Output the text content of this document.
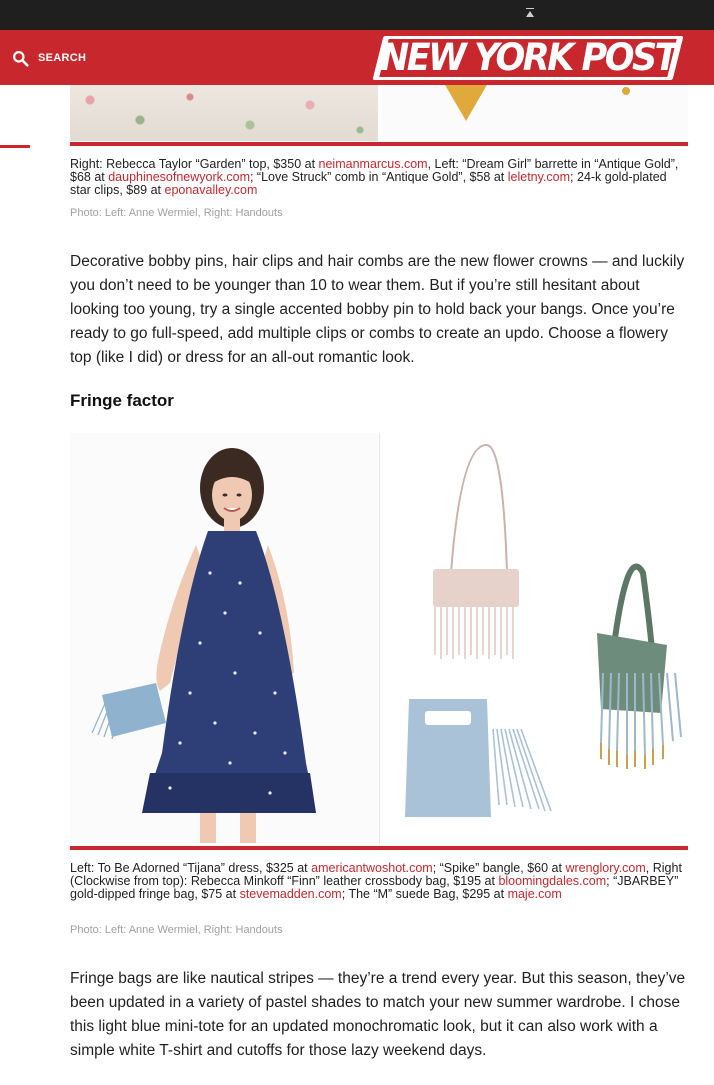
SEARCH	NEW YORK POST
Right: Rebecca Taylor “Garden” top, $350 at neimanmarcus.com, Left: “Dream Girl” barrette in “Antique Gold”, $68 at dauphinesofnewyork.com; “Love Struck” comb in “Antique Gold”, $58 at leletny.com; 24-k gold-plated star clips, $89 at eponavalley.com
Photo: Left: Anne Wermiel, Right: Handouts
Decorative bobby pins, hair clips and hair combs are the new flower crowns — and luckily you don’t need to be younger than 10 to wear them. But if you’re still hesitant about looking too young, try a single accented bobby pin to hold back your bangs. Once you’re ready to go full-speed, add multiple clips or combs to create an updo. Choose a flowery top (like I did) or dress for an all-out romantic look.
Fringe factor
Left: To Be Adorned “Tijana” dress, $325 at americantwoshot.com; “Spike” bangle, $60 at wrenglory.com, Right (Clockwise from top): Rebecca Minkoff “Finn” leather crossbody bag, $195 at bloomingdales.com; “JBARBEY” gold-dipped fringe bag, $75 at stevemadden.com; The “M” suede Bag, $295 at maje.com
Photo: Left: Anne Wermiel, Right: Handouts
Fringe bags are like nautical stripes — they’re a trend every year. But this season, they’ve been updated in a variety of pastel shades to match your new summer wardrobe. I chose this light blue mini-tote for an updated monochromatic look, but it can also work with a simple white T-shirt and cutoffs for those lazy weekend days.
